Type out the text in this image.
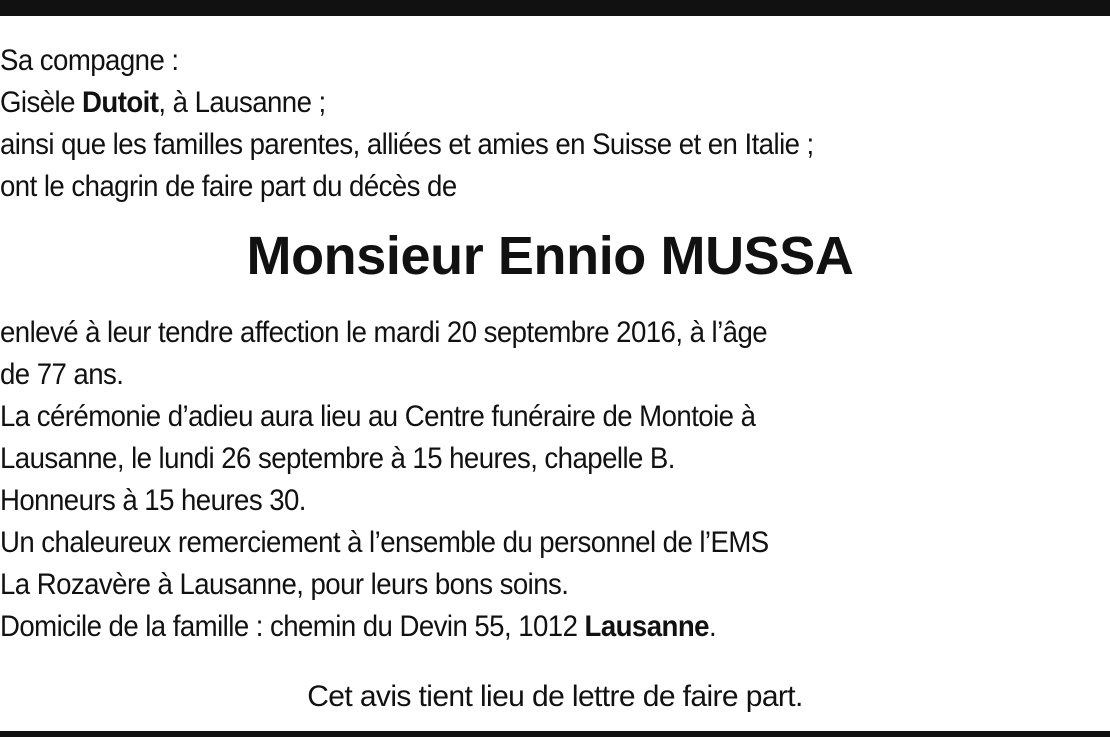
Sa compagne :
Gisèle Dutoit, à Lausanne ;
ainsi que les familles parentes, alliées et amies en Suisse et en Italie ;
ont le chagrin de faire part du décès de
Monsieur Ennio MUSSA
enlevé à leur tendre affection le mardi 20 septembre 2016, à l’âge
de 77 ans.
La cérémonie d’adieu aura lieu au Centre funéraire de Montoie à
Lausanne, le lundi 26 septembre à 15 heures, chapelle B.
Honneurs à 15 heures 30.
Un chaleureux remerciement à l’ensemble du personnel de l’EMS
La Rozavère à Lausanne, pour leurs bons soins.
Domicile de la famille : chemin du Devin 55, 1012 Lausanne.
Cet avis tient lieu de lettre de faire part.
